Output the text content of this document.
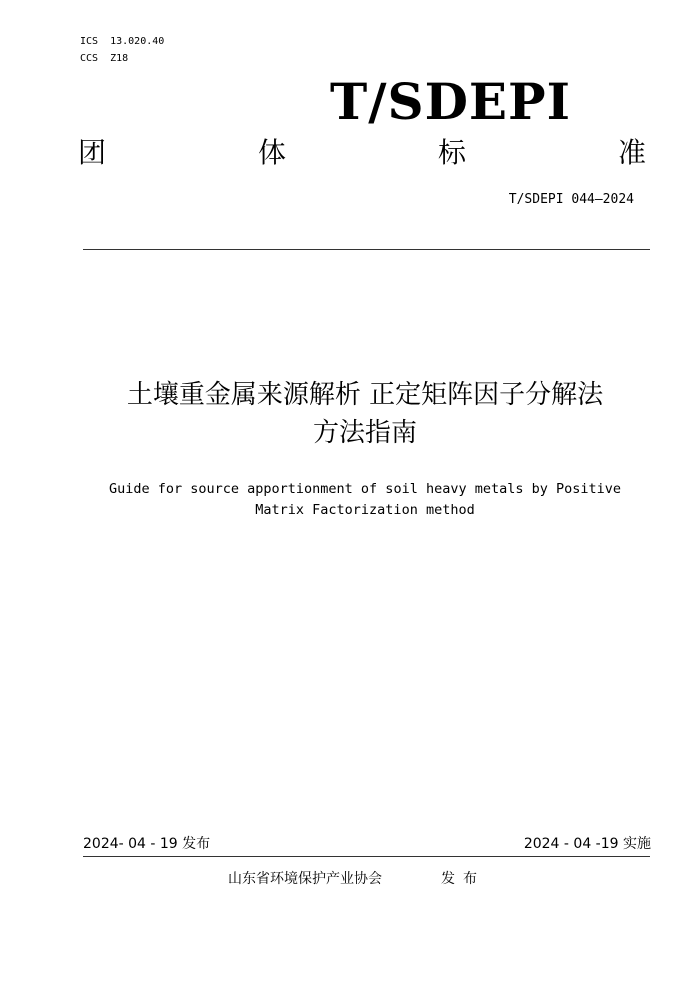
ICS  13.020.40
CCS  Z18
T/SDEPI
团	体	标	准
T/SDEPI 044—2024
土壤重金属来源解析 正定矩阵因子分解法
方法指南
Guide for source apportionment of soil heavy metals by Positive
Matrix Factorization method
2024- 04 - 19 发布	2024 - 04 -19 实施
山东省环境保护产业协会	发布
